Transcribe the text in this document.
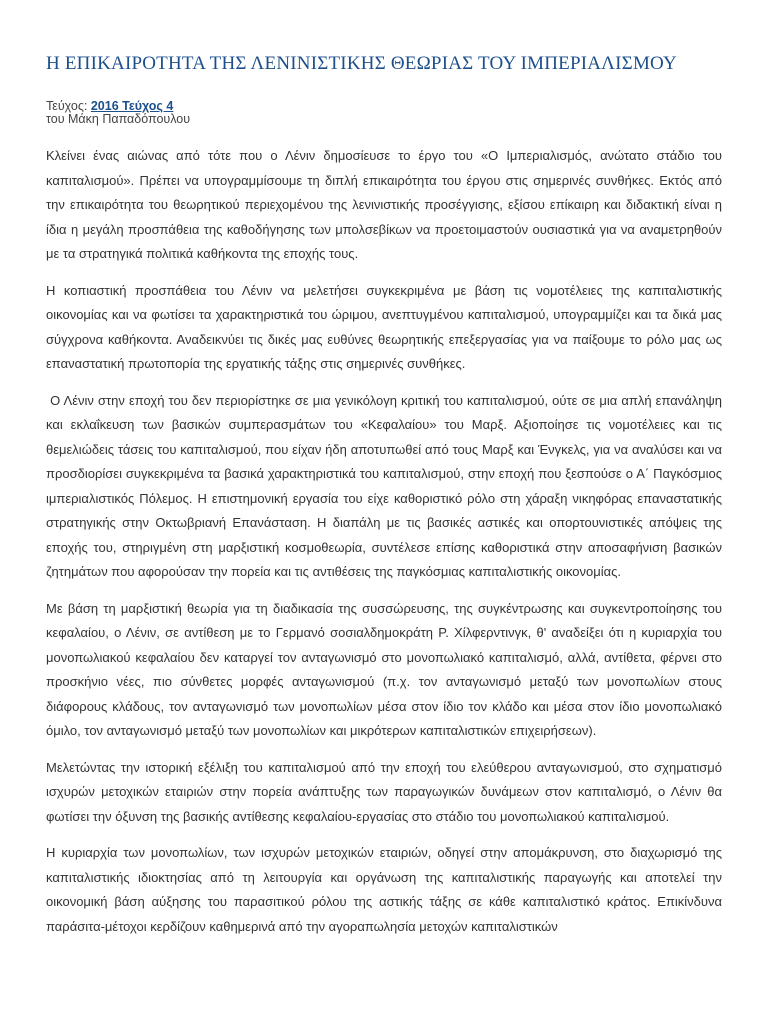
Η ΕΠΙΚΑΙΡΟΤΗΤΑ ΤΗΣ ΛΕΝΙΝΙΣΤΙΚΗΣ ΘΕΩΡΙΑΣ ΤΟΥ ΙΜΠΕΡΙΑΛΙΣΜΟΥ
Τεύχος: 2016 Τεύχος 4
του Μάκη Παπαδόπουλου

Κλείνει ένας αιώνας από τότε που ο Λένιν δημοσίευσε το έργο του «Ο Ιμπεριαλισμός, ανώτατο στάδιο του καπιταλισμού». Πρέπει να υπογραμμίσουμε τη διπλή επικαιρότητα του έργου στις σημερινές συνθήκες. Εκτός από την επικαιρότητα του θεωρητικού περιεχομένου της λενινιστικής προσέγγισης, εξίσου επίκαιρη και διδακτική είναι η ίδια η μεγάλη προσπάθεια της καθοδήγησης των μπολσεβίκων να προετοιμαστούν ουσιαστικά για να αναμετρηθούν με τα στρατηγικά πολιτικά καθήκοντα της εποχής τους.

Η κοπιαστική προσπάθεια του Λένιν να μελετήσει συγκεκριμένα με βάση τις νομοτέλειες της καπιταλιστικής οικονομίας και να φωτίσει τα χαρακτηριστικά του ώριμου, ανεπτυγμένου καπιταλισμού, υπογραμμίζει και τα δικά μας σύγχρονα καθήκοντα. Αναδεικνύει τις δικές μας ευθύνες θεωρητικής επεξεργασίας για να παίξουμε το ρόλο μας ως επαναστατική πρωτοπορία της εργατικής τάξης στις σημερινές συνθήκες.

Ο Λένιν στην εποχή του δεν περιορίστηκε σε μια γενικόλογη κριτική του καπιταλισμού, ούτε σε μια απλή επανάληψη και εκλαΐκευση των βασικών συμπερασμάτων του «Κεφαλαίου» του Μαρξ. Αξιοποίησε τις νομοτέλειες και τις θεμελιώδεις τάσεις του καπιταλισμού, που είχαν ήδη αποτυπωθεί από τους Μαρξ και Ένγκελς, για να αναλύσει και να προσδιορίσει συγκεκριμένα τα βασικά χαρακτηριστικά του καπιταλισμού, στην εποχή που ξεσπούσε ο Α΄ Παγκόσμιος ιμπεριαλιστικός Πόλεμος. Η επιστημονική εργασία του είχε καθοριστικό ρόλο στη χάραξη νικηφόρας επαναστατικής στρατηγικής στην Οκτωβριανή Επανάσταση. Η διαπάλη με τις βασικές αστικές και οπορτουνιστικές απόψεις της εποχής του, στηριγμένη στη μαρξιστική κοσμοθεωρία, συντέλεσε επίσης καθοριστικά στην αποσαφήνιση βασικών ζητημάτων που αφορούσαν την πορεία και τις αντιθέσεις της παγκόσμιας καπιταλιστικής οικονομίας.

Με βάση τη μαρξιστική θεωρία για τη διαδικασία της συσσώρευσης, της συγκέντρωσης και συγκεντροποίησης του κεφαλαίου, ο Λένιν, σε αντίθεση με το Γερμανό σοσιαλδημοκράτη Ρ. Χίλφερντινγκ, θ' αναδείξει ότι η κυριαρχία του μονοπωλιακού κεφαλαίου δεν καταργεί τον ανταγωνισμό στο μονοπωλιακό καπιταλισμό, αλλά, αντίθετα, φέρνει στο προσκήνιο νέες, πιο σύνθετες μορφές ανταγωνισμού (π.χ. τον ανταγωνισμό μεταξύ των μονοπωλίων στους διάφορους κλάδους, τον ανταγωνισμό των μονοπωλίων μέσα στον ίδιο τον κλάδο και μέσα στον ίδιο μονοπωλιακό όμιλο, τον ανταγωνισμό μεταξύ των μονοπωλίων και μικρότερων καπιταλιστικών επιχειρήσεων).

Μελετώντας την ιστορική εξέλιξη του καπιταλισμού από την εποχή του ελεύθερου ανταγωνισμού, στο σχηματισμό ισχυρών μετοχικών εταιριών στην πορεία ανάπτυξης των παραγωγικών δυνάμεων στον καπιταλισμό, ο Λένιν θα φωτίσει την όξυνση της βασικής αντίθεσης κεφαλαίου-εργασίας στο στάδιο του μονοπωλιακού καπιταλισμού.

Η κυριαρχία των μονοπωλίων, των ισχυρών μετοχικών εταιριών, οδηγεί στην απομάκρυνση, στο διαχωρισμό της καπιταλιστικής ιδιοκτησίας από τη λειτουργία και οργάνωση της καπιταλιστικής παραγωγής και αποτελεί την οικονομική βάση αύξησης του παρασιτικού ρόλου της αστικής τάξης σε κάθε καπιταλιστικό κράτος. Επικίνδυνα παράσιτα-μέτοχοι κερδίζουν καθημερινά από την αγοραπωλησία μετοχών καπιταλιστικών
